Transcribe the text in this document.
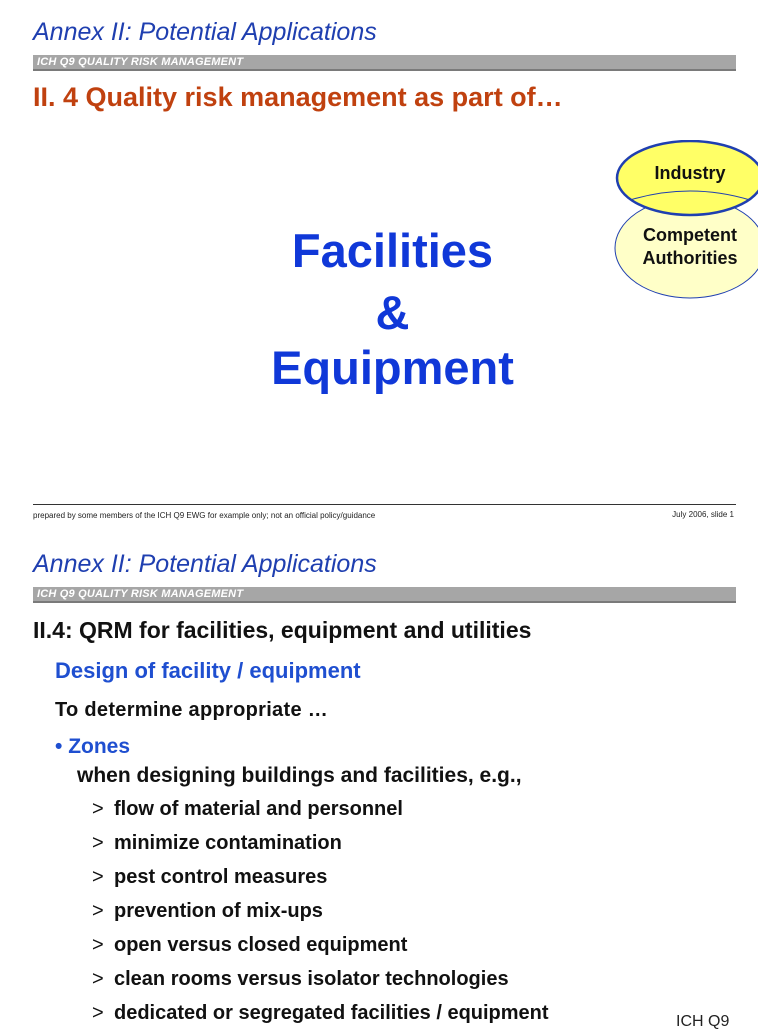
Annex II: Potential Applications
ICH Q9 QUALITY RISK MANAGEMENT
II. 4 Quality risk management as part of…
Facilities
&
Equipment
Industry
Competent
Authorities
prepared by some members of the ICH Q9 EWG for example only; not an official policy/guidance	July 2006, slide 1
Annex II: Potential Applications
ICH Q9 QUALITY RISK MANAGEMENT
II.4: QRM for facilities, equipment and utilities
Design of facility / equipment
To determine appropriate …
• Zones
when designing buildings and facilities, e.g.,
> flow of material and personnel
> minimize contamination
> pest control measures
> prevention of mix-ups
> open versus closed equipment
> clean rooms versus isolator technologies
> dedicated or segregated facilities / equipment	ICH Q9
